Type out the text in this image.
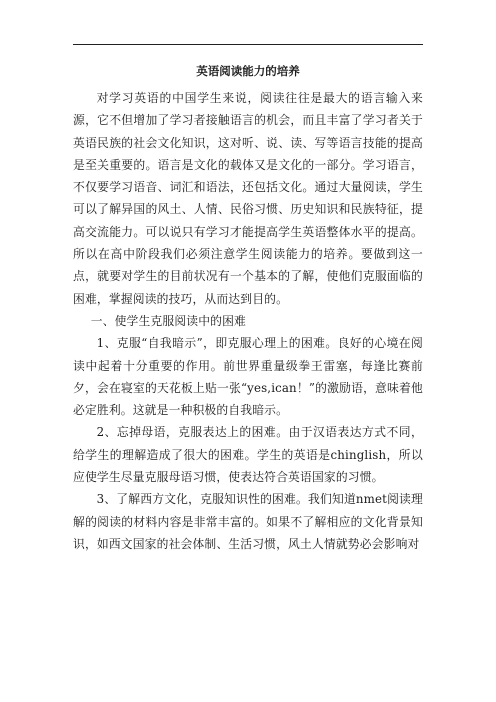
英语阅读能力的培养

对学习英语的中国学生来说，阅读往往是最大的语言输入来源，它不但增加了学习者接触语言的机会，而且丰富了学习者关于英语民族的社会文化知识，这对听、说、读、写等语言技能的提高是至关重要的。语言是文化的载体又是文化的一部分。学习语言，不仅要学习语音、词汇和语法，还包括文化。通过大量阅读，学生可以了解异国的风土、人情、民俗习惯、历史知识和民族特征，提高交流能力。可以说只有学习才能提高学生英语整体水平的提高。所以在高中阶段我们必须注意学生阅读能力的培养。要做到这一点，就要对学生的目前状况有一个基本的了解，使他们克服面临的困难，掌握阅读的技巧，从而达到目的。

一、使学生克服阅读中的困难

1、克服“自我暗示”，即克服心理上的困难。良好的心境在阅读中起着十分重要的作用。前世界重量级拳王雷塞，每逢比赛前夕，会在寝室的天花板上贴一张“yes,ican！”的激励语，意味着他必定胜利。这就是一种积极的自我暗示。

2、忘掉母语，克服表达上的困难。由于汉语表达方式不同，给学生的理解造成了很大的困难。学生的英语是chinglish，所以应使学生尽量克服母语习惯，使表达符合英语国家的习惯。

3、了解西方文化，克服知识性的困难。我们知道nmet阅读理解的阅读的材料内容是非常丰富的。如果不了解相应的文化背景知识，如西文国家的社会体制、生活习惯，风土人情就势必会影响对
